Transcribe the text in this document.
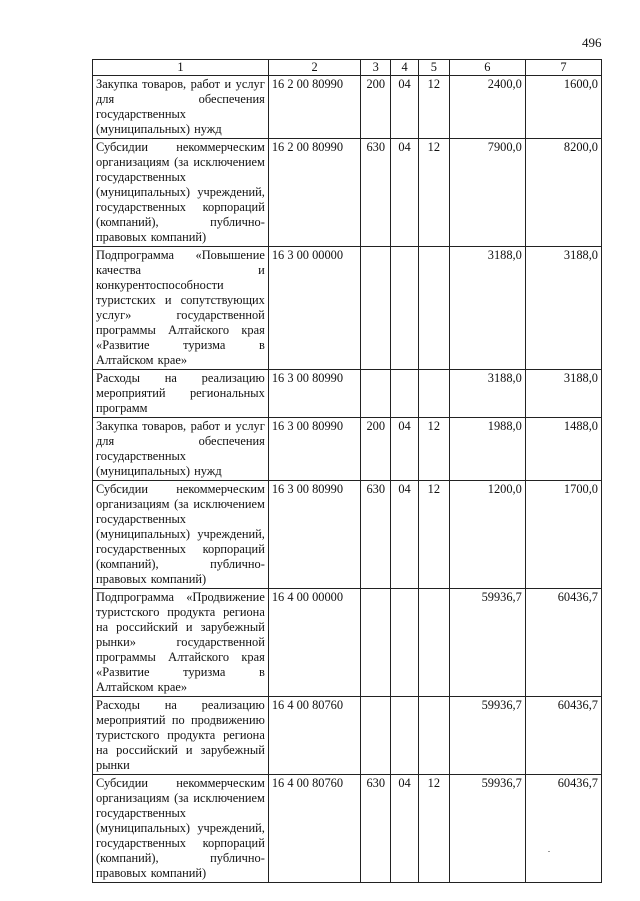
496
1	2	3	4	5	6	7
Закупка товаров, работ и услуг для обеспечения государственных (муниципальных) нужд	16 2 00 80990	200	04	12	2400,0	1600,0
Субсидии некоммерческим организациям (за исключением государственных (муниципальных) учреждений, государственных корпораций (компаний), публично-правовых компаний)	16 2 00 80990	630	04	12	7900,0	8200,0
Подпрограмма «Повышение качества и конкурентоспособности туристских и сопутствующих услуг» государственной программы Алтайского края «Развитие туризма в Алтайском крае»	16 3 00 00000				3188,0	3188,0
Расходы на реализацию мероприятий региональных программ	16 3 00 80990				3188,0	3188,0
Закупка товаров, работ и услуг для обеспечения государственных (муниципальных) нужд	16 3 00 80990	200	04	12	1988,0	1488,0
Субсидии некоммерческим организациям (за исключением государственных (муниципальных) учреждений, государственных корпораций (компаний), публично-правовых компаний)	16 3 00 80990	630	04	12	1200,0	1700,0
Подпрограмма «Продвижение туристского продукта региона на российский и зарубежный рынки» государственной программы Алтайского края «Развитие туризма в Алтайском крае»	16 4 00 00000				59936,7	60436,7
Расходы на реализацию мероприятий по продвижению туристского продукта региона на российский и зарубежный рынки	16 4 00 80760				59936,7	60436,7
Субсидии некоммерческим организациям (за исключением государственных (муниципальных) учреждений, государственных корпораций (компаний), публично-правовых компаний)	16 4 00 80760	630	04	12	59936,7	60436,7
